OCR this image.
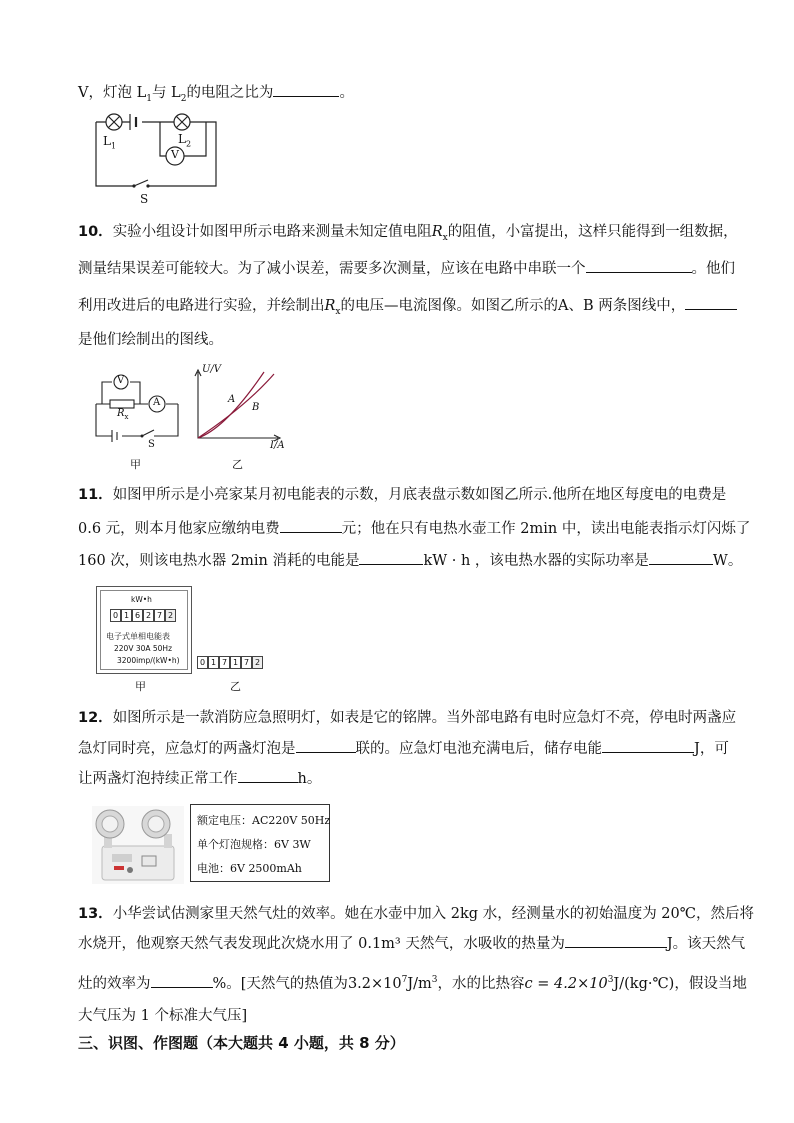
V，灯泡 $L_1$与 $L_2$的电阻之比为	。
$L_1$	$L_2$
V
S
10．实验小组设计如图甲所示电路来测量未知定值电阻$R_x$的阻值，小富提出，这样只能得到一组数据，
测量结果误差可能较大。为了减小误差，需要多次测量，应该在电路中串联一个	。他们
利用改进后的电路进行实验，并绘制出$R_x$的电压—电流图像。如图乙所示的A、B 两条图线中，
是他们绘制出的图线。
V
A
$R_x$
S
甲
U/V
I/A
A
B
乙
11．如图甲所示是小亮家某月初电能表的示数，月底表盘示数如图乙所示.他所在地区每度电的电费是
0.6 元，则本月他家应缴纳电费	元；他在只有电热水壶工作 2min 中，读出电能表指示灯闪烁了
160 次，则该电热水器 2min 消耗的电能是	kW · h ，该电热水器的实际功率是	W。
kW•h
0 1 6 2 7 2
电子式单相电能表
220V 30A 50Hz
3200imp/(kW•h)	0 1 7 1 7 2
甲	乙
12．如图所示是一款消防应急照明灯，如表是它的铭牌。当外部电路有电时应急灯不亮，停电时两盏应
急灯同时亮，应急灯的两盏灯泡是	联的。应急灯电池充满电后，储存电能	J，可
让两盏灯泡持续正常工作	h。
额定电压：AC220V 50Hz
单个灯泡规格：6V 3W
电池：6V 2500mAh
13．小华尝试估测家里天然气灶的效率。她在水壶中加入 2kg 水，经测量水的初始温度为 20℃，然后将
水烧开，他观察天然气表发现此次烧水用了 0.1m³ 天然气，水吸收的热量为	J。该天然气
灶的效率为	%。[天然气的热值为$3.2\times 10^7J/m^3$，水的比热容$c = 4.2\times 10^3J/(kg\cdot℃)$，假设当地
大气压为 1 个标准大气压]
三、识图、作图题（本大题共 4 小题，共 8 分）
